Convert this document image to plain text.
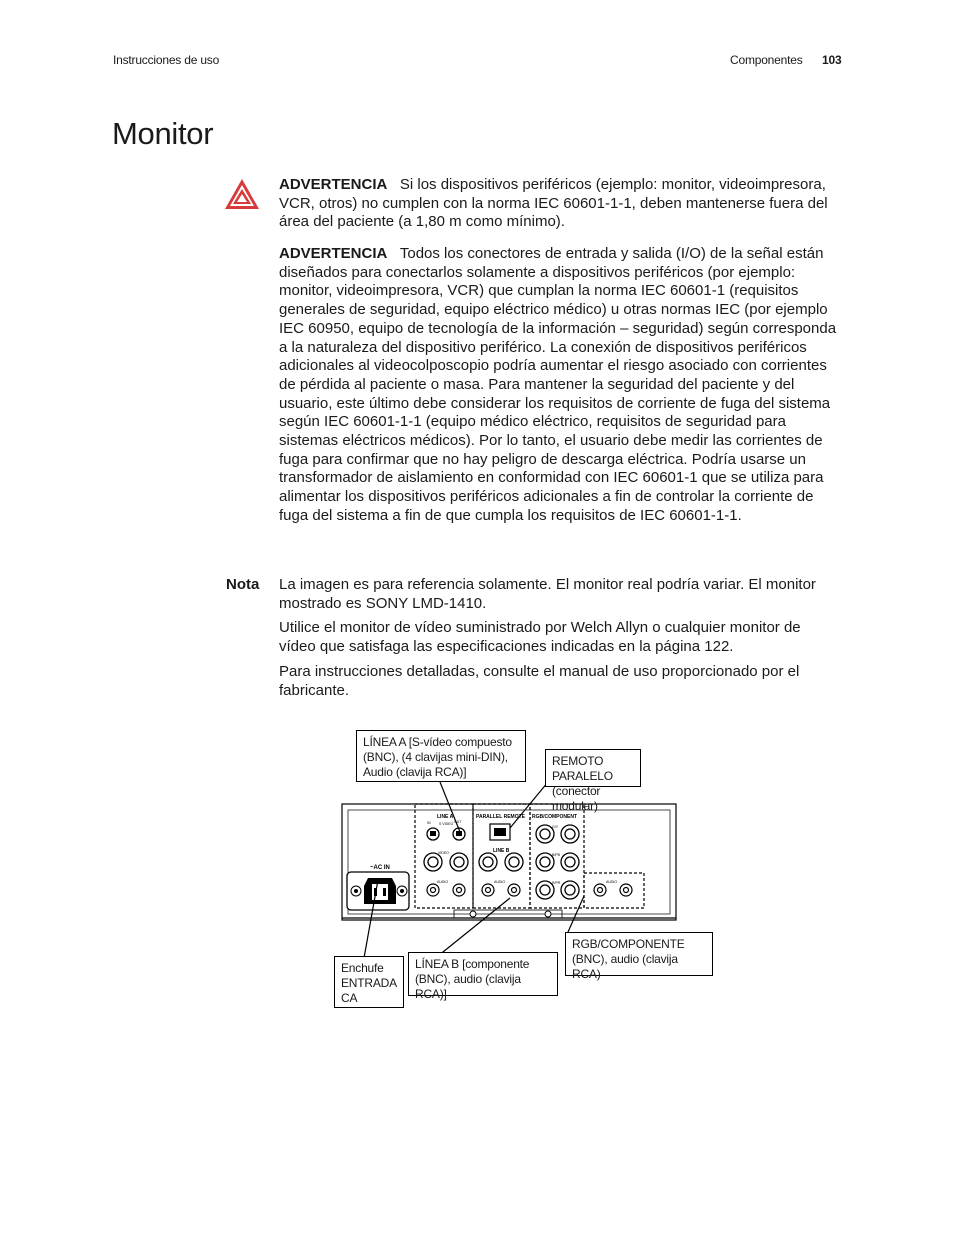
Instrucciones de uso	Componentes 103
Monitor

ADVERTENCIA Si los dispositivos periféricos (ejemplo: monitor, videoimpresora, VCR, otros) no cumplen con la norma IEC 60601-1-1, deben mantenerse fuera del área del paciente (a 1,80 m como mínimo).

ADVERTENCIA Todos los conectores de entrada y salida (I/O) de la señal están diseñados para conectarlos solamente a dispositivos periféricos (por ejemplo: monitor, videoimpresora, VCR) que cumplan la norma IEC 60601-1 (requisitos generales de seguridad, equipo eléctrico médico) u otras normas IEC (por ejemplo IEC 60950, equipo de tecnología de la información – seguridad) según corresponda a la naturaleza del dispositivo periférico. La conexión de dispositivos periféricos adicionales al videocolposcopio podría aumentar el riesgo asociado con corrientes de pérdida al paciente o masa. Para mantener la seguridad del paciente y del usuario, este último debe considerar los requisitos de corriente de fuga del sistema según IEC 60601-1-1 (equipo médico eléctrico, requisitos de seguridad para sistemas eléctricos médicos). Por lo tanto, el usuario debe medir las corrientes de fuga para confirmar que no hay peligro de descarga eléctrica. Podría usarse un transformador de aislamiento en conformidad con IEC 60601-1 que se utiliza para alimentar los dispositivos periféricos adicionales a fin de controlar la corriente de fuga del sistema a fin de que cumpla los requisitos de IEC 60601-1-1.

Nota La imagen es para referencia solamente. El monitor real podría variar. El monitor mostrado es SONY LMD-1410.

Utilice el monitor de vídeo suministrado por Welch Allyn o cualquier monitor de vídeo que satisfaga las especificaciones indicadas en la página 122.

Para instrucciones detalladas, consulte el manual de uso proporcionado por el fabricante.

~AC IN
LINE A
S VIDEO
PARALLEL REMOTE RGB/COMPONENT
LINE B
IN	OUT
VIDEO
AUDIO	AUDIO
G/Y
B/PB
R/PR	AUDIO
LÍNEA A [S-vídeo compuesto (BNC), (4 clavijas mini-DIN), Audio (clavija RCA)]
REMOTO PARALELO (conector modular)
RGB/COMPONENTE (BNC), audio (clavija RCA)
LÍNEA B [componente (BNC), audio (clavija RCA)]
Enchufe ENTRADA CA
